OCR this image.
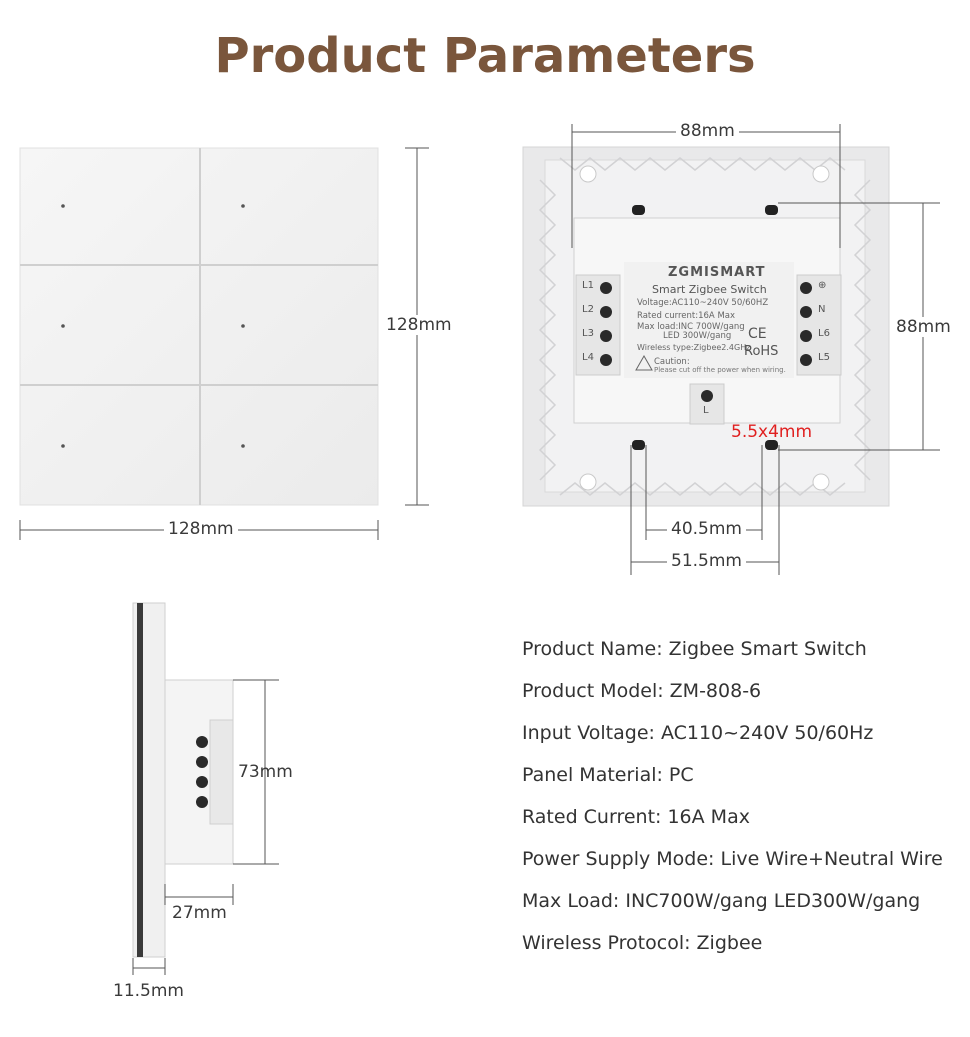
Product Parameters
ZGMISMART
Smart Zigbee Switch
Voltage:AC110~240V 50/60HZ
Rated current:16A Max
Max load:INC 700W/gang
LED 300W/gang CE
Wireless type:Zigbee2.4GHz
RoHS
Caution:
Please cut off the power when wiring.
L1
L2
L3
L4
⊕
N
L6
L5
L
128mm
128mm
88mm
88mm
5.5x4mm
40.5mm
51.5mm
73mm
27mm
11.5mm
Product Name: Zigbee Smart Switch
Product Model: ZM-808-6
Input Voltage: AC110~240V 50/60Hz
Panel Material: PC
Rated Current: 16A Max
Power Supply Mode: Live Wire+Neutral Wire
Max Load: INC700W/gang LED300W/gang
Wireless Protocol: Zigbee
